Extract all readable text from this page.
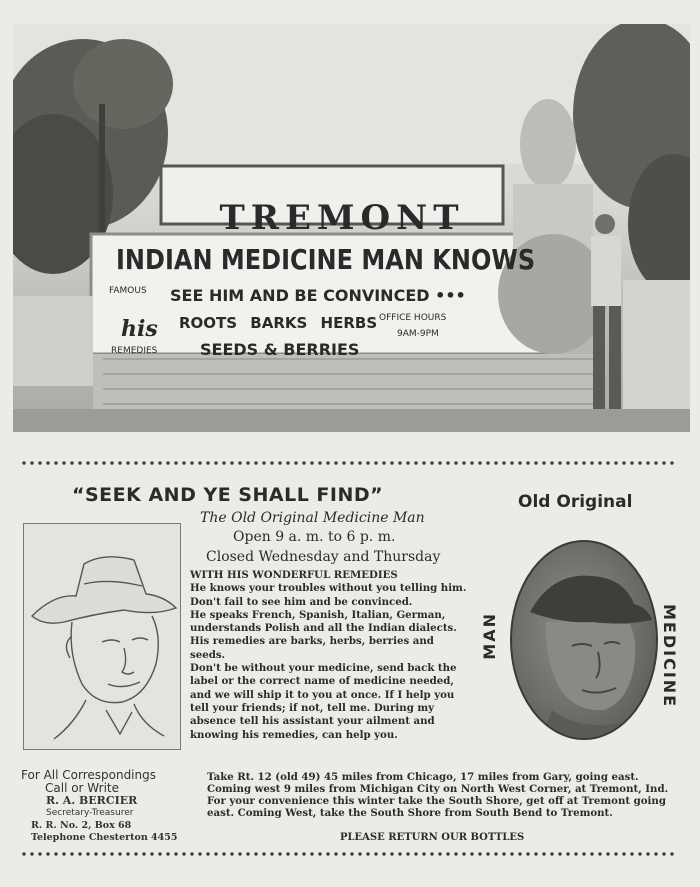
TREMONT
INDIAN MEDICINE MAN KNOWS
SEE HIM AND BE CONVINCED •••
ROOTS BARKS HERBS
SEEDS & BERRIES
OFFICE HOURS
9AM-9PM
FAMOUS
his
REMEDIES
“SEEK AND YE SHALL FIND”	Old Original
The Old Original Medicine Man
Open 9 a. m. to 6 p. m.
Closed Wednesday and Thursday

WITH HIS WONDERFUL REMEDIES

He knows your troubles without you telling him. Don't fail to see him and be convinced.

He speaks French, Spanish, Italian, German, understands Polish and all the Indian dialects.

His remedies are barks, herbs, berries and seeds.

Don't be without your medicine, send back the label or the correct name of medicine needed, and we will ship it to you at once. If I help you tell your friends; if not, tell me. During my absence tell his assistant your ailment and knowing his remedies, can help you.

MAN	MEDICINE
For All Correspondings
Call or Write
R. A. BERCIER
Secretary-Treasurer
R. R. No. 2, Box 68
Telephone Chesterton 4455
Take Rt. 12 (old 49) 45 miles from Chicago, 17 miles from Gary, going east. Coming west 9 miles from Michigan City on North West Corner, at Tremont, Ind. For your convenience this winter take the South Shore, get off at Tremont going east. Coming West, take the South Shore from South Bend to Tremont.
PLEASE RETURN OUR BOTTLES
